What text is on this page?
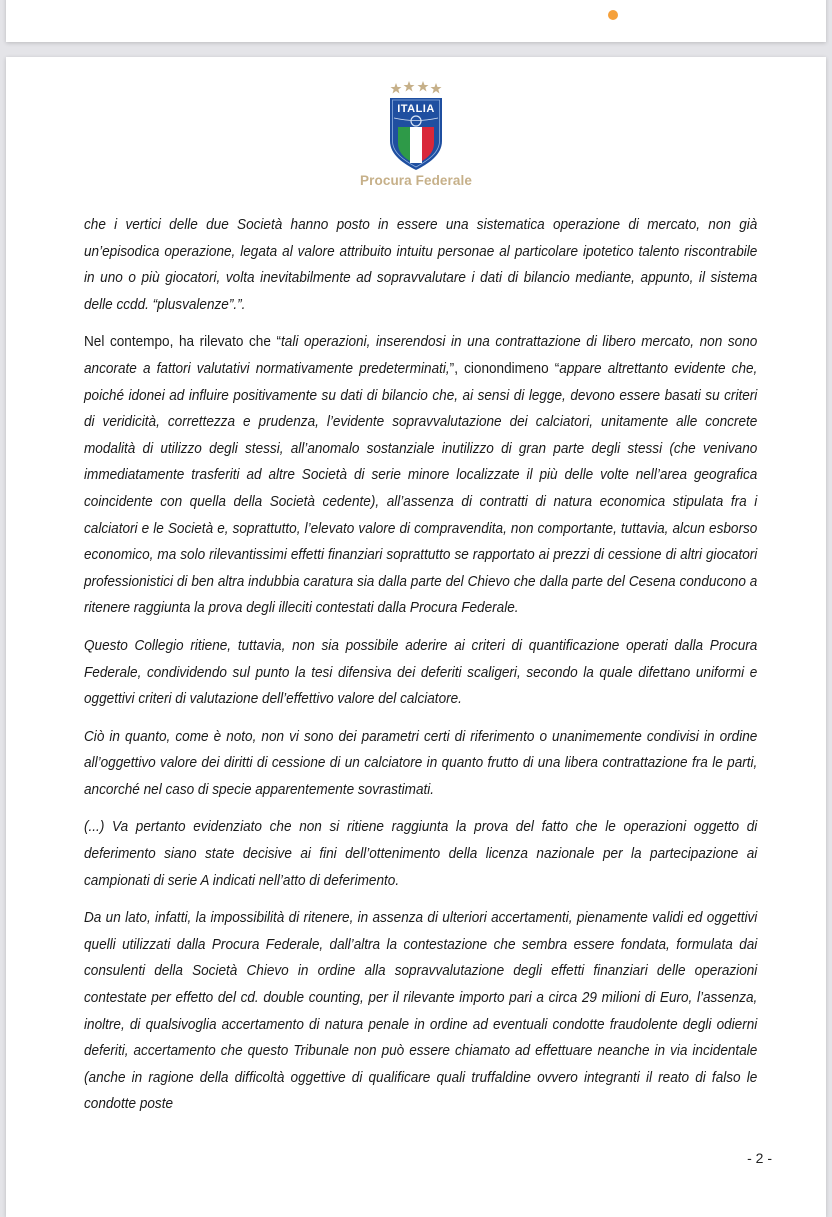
ITALIA
Procura Federale

che i vertici delle due Società hanno posto in essere una sistematica operazione di mercato, non già un’episodica operazione, legata al valore attribuito intuitu personae al particolare ipotetico talento riscontrabile in uno o più giocatori, volta inevitabilmente ad sopravvalutare i dati di bilancio mediante, appunto, il sistema delle ccdd. “plusvalenze”.”.

Nel contempo, ha rilevato che “tali operazioni, inserendosi in una contrattazione di libero mercato, non sono ancorate a fattori valutativi normativamente predeterminati,”, cionondimeno “appare altrettanto evidente che, poiché idonei ad influire positivamente su dati di bilancio che, ai sensi di legge, devono essere basati su criteri di veridicità, correttezza e prudenza, l’evidente sopravvalutazione dei calciatori, unitamente alle concrete modalità di utilizzo degli stessi, all’anomalo sostanziale inutilizzo di gran parte degli stessi (che venivano immediatamente trasferiti ad altre Società di serie minore localizzate il più delle volte nell’area geografica coincidente con quella della Società cedente), all’assenza di contratti di natura economica stipulata fra i calciatori e le Società e, soprattutto, l’elevato valore di compravendita, non comportante, tuttavia, alcun esborso economico, ma solo rilevantissimi effetti finanziari soprattutto se rapportato ai prezzi di cessione di altri giocatori professionistici di ben altra indubbia caratura sia dalla parte del Chievo che dalla parte del Cesena conducono a ritenere raggiunta la prova degli illeciti contestati dalla Procura Federale.

Questo Collegio ritiene, tuttavia, non sia possibile aderire ai criteri di quantificazione operati dalla Procura Federale, condividendo sul punto la tesi difensiva dei deferiti scaligeri, secondo la quale difettano uniformi e oggettivi criteri di valutazione dell’effettivo valore del calciatore.

Ciò in quanto, come è noto, non vi sono dei parametri certi di riferimento o unanimemente condivisi in ordine all’oggettivo valore dei diritti di cessione di un calciatore in quanto frutto di una libera contrattazione fra le parti, ancorché nel caso di specie apparentemente sovrastimati.

(...) Va pertanto evidenziato che non si ritiene raggiunta la prova del fatto che le operazioni oggetto di deferimento siano state decisive ai fini dell’ottenimento della licenza nazionale per la partecipazione ai campionati di serie A indicati nell’atto di deferimento.

Da un lato, infatti, la impossibilità di ritenere, in assenza di ulteriori accertamenti, pienamente validi ed oggettivi quelli utilizzati dalla Procura Federale, dall’altra la contestazione che sembra essere fondata, formulata dai consulenti della Società Chievo in ordine alla sopravvalutazione degli effetti finanziari delle operazioni contestate per effetto del cd. double counting, per il rilevante importo pari a circa 29 milioni di Euro, l’assenza, inoltre, di qualsivoglia accertamento di natura penale in ordine ad eventuali condotte fraudolente degli odierni deferiti, accertamento che questo Tribunale non può essere chiamato ad effettuare neanche in via incidentale (anche in ragione della difficoltà oggettive di qualificare quali truffaldine ovvero integranti il reato di falso le condotte poste

- 2 -
